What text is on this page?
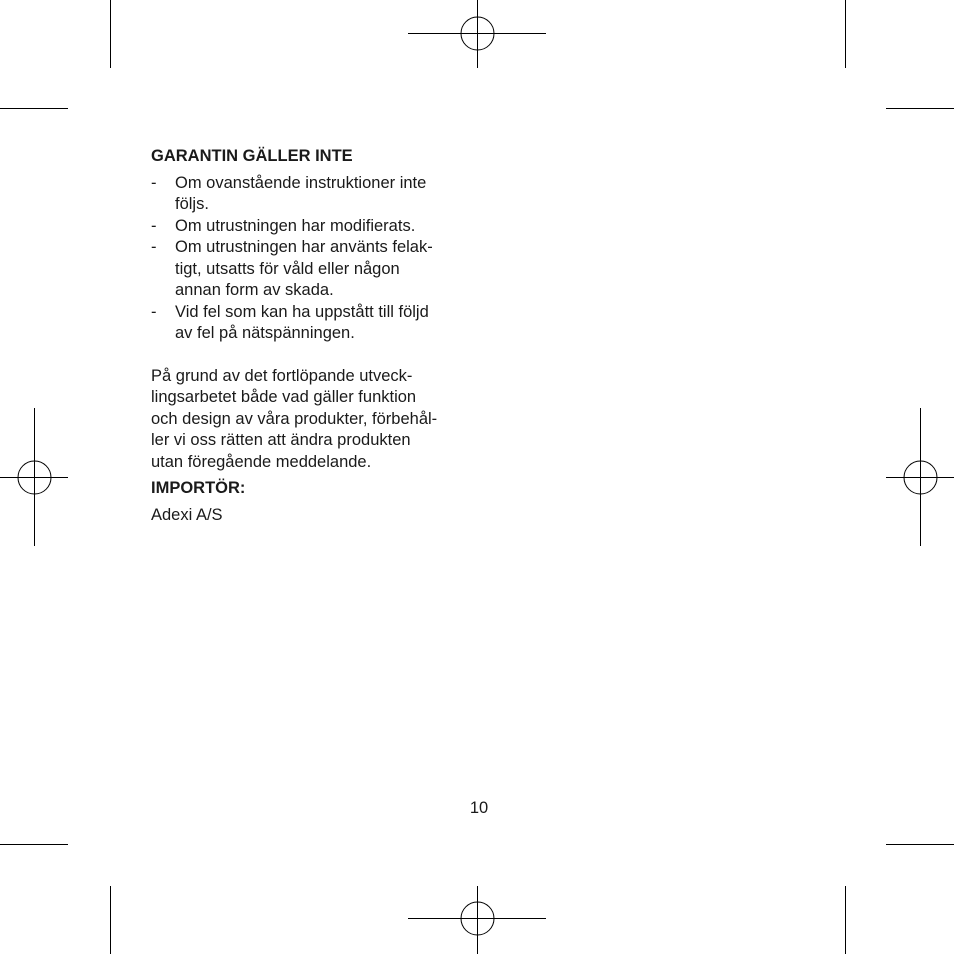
GARANTIN GÄLLER INTE

- Om ovanstående instruktioner inte
följs.
- Om utrustningen har modifierats.
- Om utrustningen har använts felak-
tigt, utsatts för våld eller någon
annan form av skada.
- Vid fel som kan ha uppstått till följd
av fel på nätspänningen.

På grund av det fortlöpande utveck-
lingsarbetet både vad gäller funktion
och design av våra produkter, förbehål-
ler vi oss rätten att ändra produkten
utan föregående meddelande.

IMPORTÖR:

Adexi A/S

10
